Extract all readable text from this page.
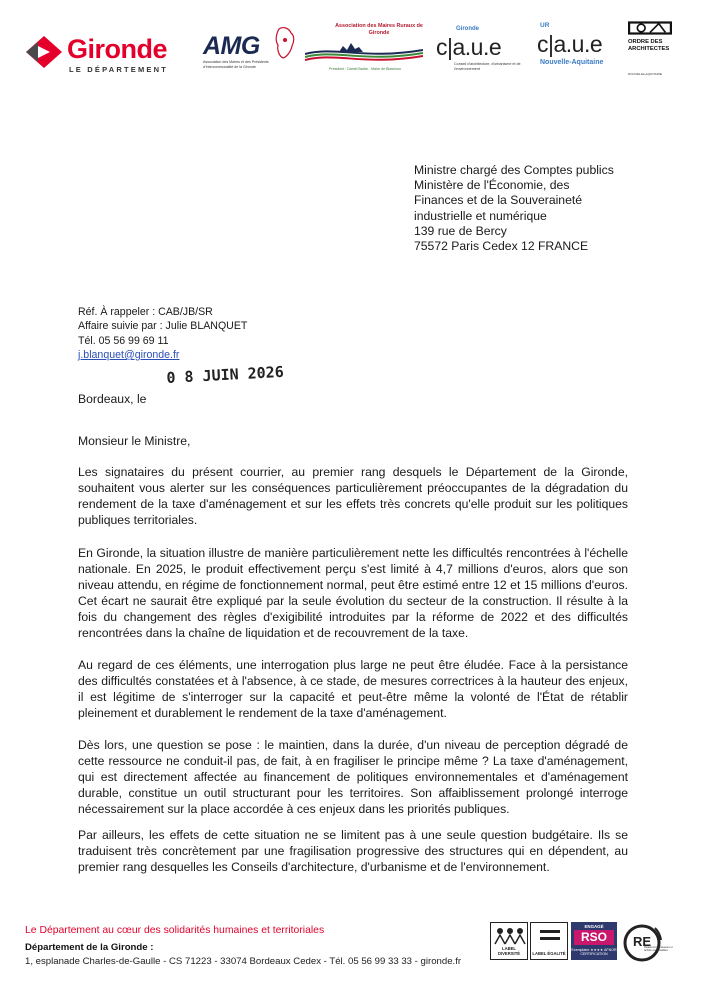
Gironde
LE DÉPARTEMENT
AMG
Association des Maires et des Présidents d'Intercommunalité de la Gironde
Association des Maires Ruraux de Gironde
Président : Daniel Barbe - Maire de Blasimon
Gironde
c|a.u.e
Conseil d'architecture, d'urbanisme et de l'environnement
UR
c|a.u.e
Nouvelle-Aquitaine
ORDRE DES ARCHITECTES
NOUVELLE-AQUITAINE
Ministre chargé des Comptes publics
Ministère de l'Économie, des
Finances et de la Souveraineté
industrielle et numérique
139 rue de Bercy
75572 Paris Cedex 12 FRANCE
Réf. À rappeler : CAB/JB/SR
Affaire suivie par : Julie BLANQUET
Tél. 05 56 99 69 11
j.blanquet@gironde.fr
Bordeaux, le
0 8 JUIN 2026
Monsieur le Ministre,
Les signataires du présent courrier, au premier rang desquels le Département de la Gironde, souhaitent vous alerter sur les conséquences particulièrement préoccupantes de la dégradation du rendement de la taxe d'aménagement et sur les effets très concrets qu'elle produit sur les politiques publiques territoriales.
En Gironde, la situation illustre de manière particulièrement nette les difficultés rencontrées à l'échelle nationale. En 2025, le produit effectivement perçu s'est limité à 4,7 millions d'euros, alors que son niveau attendu, en régime de fonctionnement normal, peut être estimé entre 12 et 15 millions d'euros. Cet écart ne saurait être expliqué par la seule évolution du secteur de la construction. Il résulte à la fois du changement des règles d'exigibilité introduites par la réforme de 2022 et des difficultés rencontrées dans la chaîne de liquidation et de recouvrement de la taxe.
Au regard de ces éléments, une interrogation plus large ne peut être éludée. Face à la persistance des difficultés constatées et à l'absence, à ce stade, de mesures correctrices à la hauteur des enjeux, il est légitime de s'interroger sur la capacité et peut-être même la volonté de l'État de rétablir pleinement et durablement le rendement de la taxe d'aménagement.
Dès lors, une question se pose : le maintien, dans la durée, d'un niveau de perception dégradé de cette ressource ne conduit-il pas, de fait, à en fragiliser le principe même ? La taxe d'aménagement, qui est directement affectée au financement de politiques environnementales et d'aménagement durable, constitue un outil structurant pour les territoires. Son affaiblissement prolongé interroge nécessairement sur la place accordée à ces enjeux dans les priorités publiques.
Par ailleurs, les effets de cette situation ne se limitent pas à une seule question budgétaire. Ils se traduisent très concrètement par une fragilisation progressive des structures qui en dépendent, au premier rang desquelles les Conseils d'architecture, d'urbanisme et de l'environnement.
Le Département au cœur des solidarités humaines et territoriales
Département de la Gironde :
1, esplanade Charles-de-Gaulle - CS 71223 - 33074 Bordeaux Cedex - Tél. 05 56 99 33 33 - gironde.fr
LABEL DIVERSITÉ	LABEL ÉGALITÉ
ENGAGÉ
RSO
Exemplaire ★★★★ AFNOR CERTIFICATION
RE
Relations fournisseurs et achats responsables
